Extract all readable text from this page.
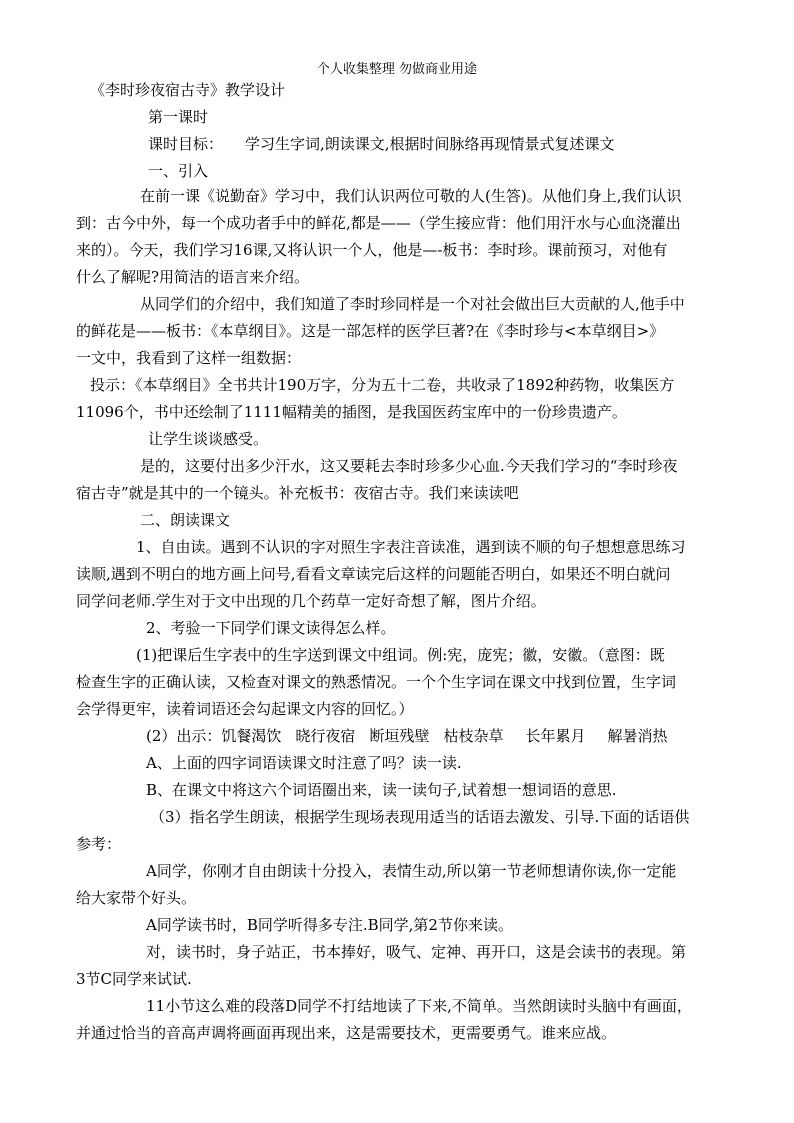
个人收集整理 勿做商业用途
《李时珍夜宿古寺》教学设计
第一课时
课时目标： 学习生字词,朗读课文,根据时间脉络再现情景式复述课文
一、引入
在前一课《说勤奋》学习中，我们认识两位可敬的人(生答)。从他们身上,我们认识
到：古今中外，每一个成功者手中的鲜花,都是——（学生接应背：他们用汗水与心血浇灌出
来的）。今天，我们学习16课,又将认识一个人，他是—-板书：李时珍。课前预习，对他有
什么了解呢?用简洁的语言来介绍。
从同学们的介绍中，我们知道了李时珍同样是一个对社会做出巨大贡献的人,他手中
的鲜花是——板书：《本草纲目》。这是一部怎样的医学巨著?在《李时珍与<本草纲目>》
一文中，我看到了这样一组数据：
投示：《本草纲目》全书共计190万字，分为五十二卷，共收录了1892种药物，收集医方
11096个，书中还绘制了1111幅精美的插图，是我国医药宝库中的一份珍贵遗产。
让学生谈谈感受。
是的，这要付出多少汗水，这又要耗去李时珍多少心血.今天我们学习的“李时珍夜
宿古寺”就是其中的一个镜头。补充板书：夜宿古寺。我们来读读吧
二、朗读课文
1、自由读。遇到不认识的字对照生字表注音读准，遇到读不顺的句子想想意思练习
读顺,遇到不明白的地方画上问号,看看文章读完后这样的问题能否明白，如果还不明白就问
同学问老师.学生对于文中出现的几个药草一定好奇想了解，图片介绍。
2、考验一下同学们课文读得怎么样。
(1)把课后生字表中的生字送到课文中组词。例:宪，庞宪；徽，安徽。（意图：既
检查生字的正确认读，又检查对课文的熟悉情况。一个个生字词在课文中找到位置，生字词
会学得更牢，读着词语还会勾起课文内容的回忆。）
(2）出示：饥餐渴饮 晓行夜宿 断垣残壁 枯枝杂草 长年累月 解暑消热
A、上面的四字词语读课文时注意了吗？读一读.
B、在课文中将这六个词语圈出来，读一读句子,试着想一想词语的意思.
（3）指名学生朗读，根据学生现场表现用适当的话语去激发、引导.下面的话语供
参考：
A同学，你刚才自由朗读十分投入，表情生动,所以第一节老师想请你读,你一定能
给大家带个好头。
A同学读书时，B同学听得多专注.B同学,第2节你来读。
对，读书时，身子站正，书本捧好，吸气、定神、再开口，这是会读书的表现。第
3节C同学来试试.
11小节这么难的段落D同学不打结地读了下来,不简单。当然朗读时头脑中有画面，
并通过恰当的音高声调将画面再现出来，这是需要技术，更需要勇气。谁来应战。
